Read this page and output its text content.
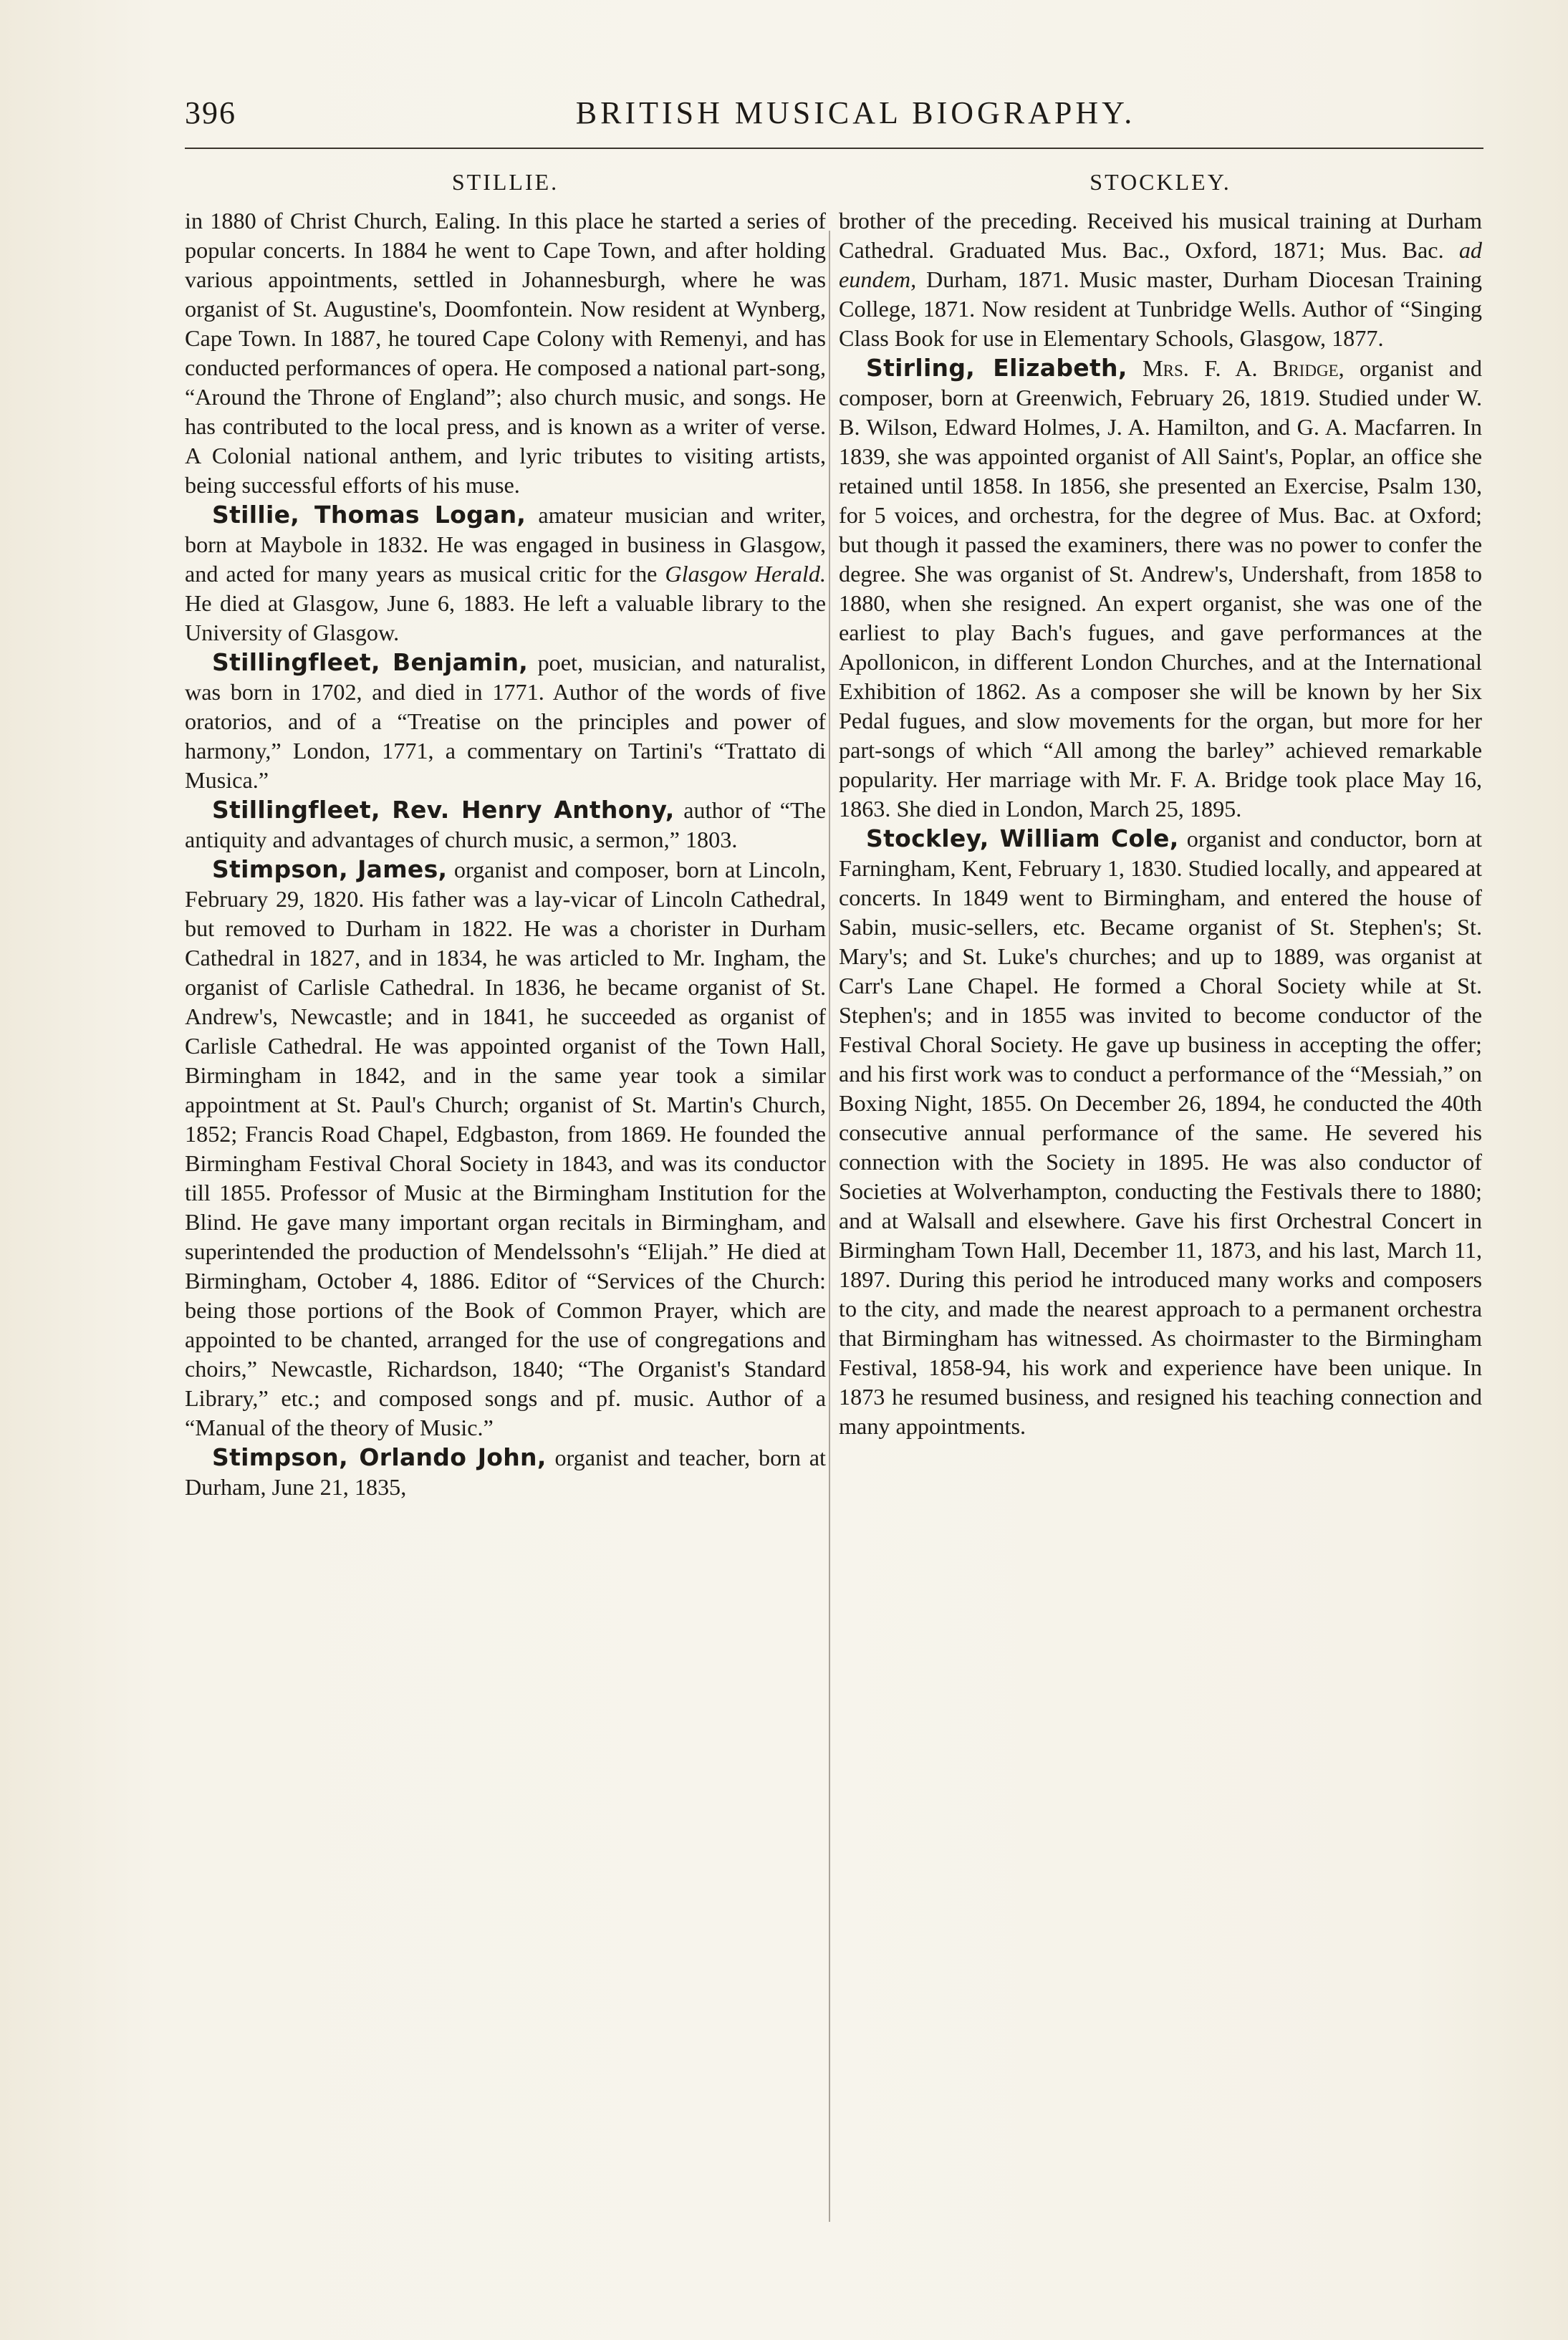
396	BRITISH MUSICAL BIOGRAPHY.
STILLIE.

in 1880 of Christ Church, Ealing. In this place he started a series of popular concerts. In 1884 he went to Cape Town, and after holding various appointments, settled in Johannesburgh, where he was organist of St. Augustine's, Doomfontein. Now resident at Wynberg, Cape Town. In 1887, he toured Cape Colony with Remenyi, and has conducted performances of opera. He composed a national part-song, “Around the Throne of England”; also church music, and songs. He has contributed to the local press, and is known as a writer of verse. A Colonial national anthem, and lyric tributes to visiting artists, being successful efforts of his muse.

Stillie, Thomas Logan, amateur musician and writer, born at Maybole in 1832. He was engaged in business in Glasgow, and acted for many years as musical critic for the Glasgow Herald. He died at Glasgow, June 6, 1883. He left a valuable library to the University of Glasgow.

Stillingfleet, Benjamin, poet, musician, and naturalist, was born in 1702, and died in 1771. Author of the words of five oratorios, and of a “Treatise on the principles and power of harmony,” London, 1771, a commentary on Tartini's “Trattato di Musica.”

Stillingfleet, Rev. Henry Anthony, author of “The antiquity and advantages of church music, a sermon,” 1803.

Stimpson, James, organist and composer, born at Lincoln, February 29, 1820. His father was a lay-vicar of Lincoln Cathedral, but removed to Durham in 1822. He was a chorister in Durham Cathedral in 1827, and in 1834, he was articled to Mr. Ingham, the organist of Carlisle Cathedral. In 1836, he became organist of St. Andrew's, Newcastle; and in 1841, he succeeded as organist of Carlisle Cathedral. He was appointed organist of the Town Hall, Birmingham in 1842, and in the same year took a similar appointment at St. Paul's Church; organist of St. Martin's Church, 1852; Francis Road Chapel, Edgbaston, from 1869. He founded the Birmingham Festival Choral Society in 1843, and was its conductor till 1855. Professor of Music at the Birmingham Institution for the Blind. He gave many important organ recitals in Birmingham, and superintended the production of Mendelssohn's “Elijah.” He died at Birmingham, October 4, 1886. Editor of “Services of the Church: being those portions of the Book of Common Prayer, which are appointed to be chanted, arranged for the use of congregations and choirs,” Newcastle, Richardson, 1840; “The Organist's Standard Library,” etc.; and composed songs and pf. music. Author of a “Manual of the theory of Music.”

Stimpson, Orlando John, organist and teacher, born at Durham, June 21, 1835,

STOCKLEY.

brother of the preceding. Received his musical training at Durham Cathedral. Graduated Mus. Bac., Oxford, 1871; Mus. Bac. ad eundem, Durham, 1871. Music master, Durham Diocesan Training College, 1871. Now resident at Tunbridge Wells. Author of “Singing Class Book for use in Elementary Schools, Glasgow, 1877.

Stirling, Elizabeth, Mrs. F. A. Bridge, organist and composer, born at Greenwich, February 26, 1819. Studied under W. B. Wilson, Edward Holmes, J. A. Hamilton, and G. A. Macfarren. In 1839, she was appointed organist of All Saint's, Poplar, an office she retained until 1858. In 1856, she presented an Exercise, Psalm 130, for 5 voices, and orchestra, for the degree of Mus. Bac. at Oxford; but though it passed the examiners, there was no power to confer the degree. She was organist of St. Andrew's, Undershaft, from 1858 to 1880, when she resigned. An expert organist, she was one of the earliest to play Bach's fugues, and gave performances at the Apollonicon, in different London Churches, and at the International Exhibition of 1862. As a composer she will be known by her Six Pedal fugues, and slow movements for the organ, but more for her part-songs of which “All among the barley” achieved remarkable popularity. Her marriage with Mr. F. A. Bridge took place May 16, 1863. She died in London, March 25, 1895.

Stockley, William Cole, organist and conductor, born at Farningham, Kent, February 1, 1830. Studied locally, and appeared at concerts. In 1849 went to Birmingham, and entered the house of Sabin, music-sellers, etc. Became organist of St. Stephen's; St. Mary's; and St. Luke's churches; and up to 1889, was organist at Carr's Lane Chapel. He formed a Choral Society while at St. Stephen's; and in 1855 was invited to become conductor of the Festival Choral Society. He gave up business in accepting the offer; and his first work was to conduct a performance of the “Messiah,” on Boxing Night, 1855. On December 26, 1894, he conducted the 40th consecutive annual performance of the same. He severed his connection with the Society in 1895. He was also conductor of Societies at Wolverhampton, conducting the Festivals there to 1880; and at Walsall and elsewhere. Gave his first Orchestral Concert in Birmingham Town Hall, December 11, 1873, and his last, March 11, 1897. During this period he introduced many works and composers to the city, and made the nearest approach to a permanent orchestra that Birmingham has witnessed. As choirmaster to the Birmingham Festival, 1858-94, his work and experience have been unique. In 1873 he resumed business, and resigned his teaching connection and many appointments.
